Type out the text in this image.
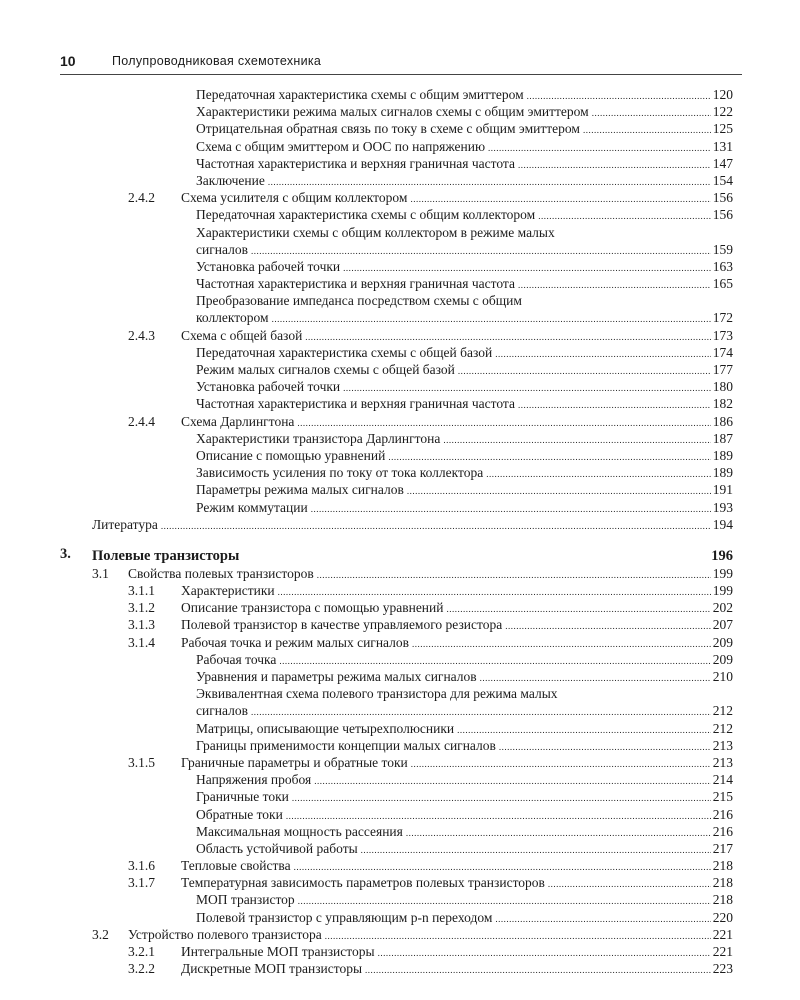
10	Полупроводниковая схемотехника
Передаточная характеристика схемы с общим эмиттером .....	120
Характеристики режима малых сигналов схемы с общим эмиттером .....	122
Отрицательная обратная связь по току в схеме с общим эмиттером .....	125
Схема с общим эмиттером и ООС по напряжению .....	131
Частотная характеристика и верхняя граничная частота .....	147
Заключение .....	154
2.4.2 Схема усилителя с общим коллектором .....	156
Передаточная характеристика схемы с общим коллектором .....	156
Характеристики схемы с общим коллектором в режиме малых
сигналов .....	159
Установка рабочей точки .....	163
Частотная характеристика и верхняя граничная частота .....	165
Преобразование импеданса посредством схемы с общим
коллектором .....	172
2.4.3 Схема с общей базой .....	173
Передаточная характеристика схемы с общей базой .....	174
Режим малых сигналов схемы с общей базой .....	177
Установка рабочей точки .....	180
Частотная характеристика и верхняя граничная частота .....	182
2.4.4 Схема Дарлингтона .....	186
Характеристики транзистора Дарлингтона .....	187
Описание с помощью уравнений .....	189
Зависимость усиления по току от тока коллектора .....	189
Параметры режима малых сигналов .....	191
Режим коммутации .....	193
Литература .....	194
3. Полевые транзисторы	196
3.1 Свойства полевых транзисторов .....	199
3.1.1 Характеристики .....	199
3.1.2 Описание транзистора с помощью уравнений .....	202
3.1.3 Полевой транзистор в качестве управляемого резистора .....	207
3.1.4 Рабочая точка и режим малых сигналов .....	209
Рабочая точка .....	209
Уравнения и параметры режима малых сигналов .....	210
Эквивалентная схема полевого транзистора для режима малых
сигналов .....	212
Матрицы, описывающие четырехполюсники .....	212
Границы применимости концепции малых сигналов .....	213
3.1.5 Граничные параметры и обратные токи .....	213
Напряжения пробоя .....	214
Граничные токи .....	215
Обратные токи .....	216
Максимальная мощность рассеяния .....	216
Область устойчивой работы .....	217
3.1.6 Тепловые свойства .....	218
3.1.7 Температурная зависимость параметров полевых транзисторов .....	218
МОП транзистор .....	218
Полевой транзистор с управляющим p-n переходом .....	220
3.2 Устройство полевого транзистора .....	221
3.2.1 Интегральные МОП транзисторы .....	221
3.2.2 Дискретные МОП транзисторы .....	223
